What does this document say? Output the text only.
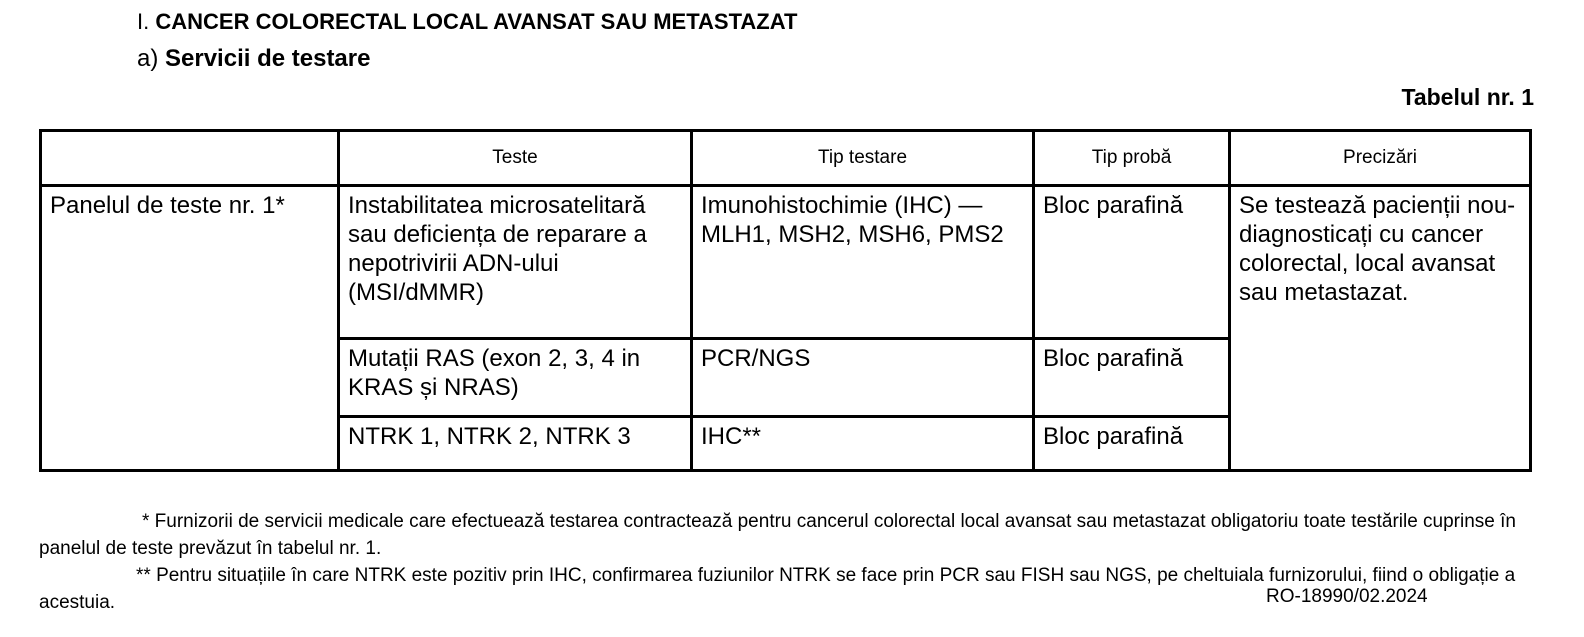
I. CANCER COLORECTAL LOCAL AVANSAT SAU METASTAZAT
a) Servicii de testare
Tabelul nr. 1
	Teste	Tip testare	Tip probă	Precizări
Panelul de teste nr. 1*	Instabilitatea microsatelitară sau deficiența de reparare a nepotrivirii ADN-ului (MSI/dMMR)	Imunohistochimie (IHC) — MLH1, MSH2, MSH6, PMS2	Bloc parafină	Se testează pacienții nou-diagnosticați cu cancer colorectal, local avansat sau metastazat.
	Mutații RAS (exon 2, 3, 4 in KRAS și NRAS)	PCR/NGS	Bloc parafină	
	NTRK 1, NTRK 2, NTRK 3	IHC**	Bloc parafină	
* Furnizorii de servicii medicale care efectuează testarea contractează pentru cancerul colorectal local avansat sau metastazat obligatoriu toate testările cuprinse în panelul de teste prevăzut în tabelul nr. 1.
** Pentru situațiile în care NTRK este pozitiv prin IHC, confirmarea fuziunilor NTRK se face prin PCR sau FISH sau NGS, pe cheltuiala furnizorului, fiind o obligație a acestuia.	RO-18990/02.2024
